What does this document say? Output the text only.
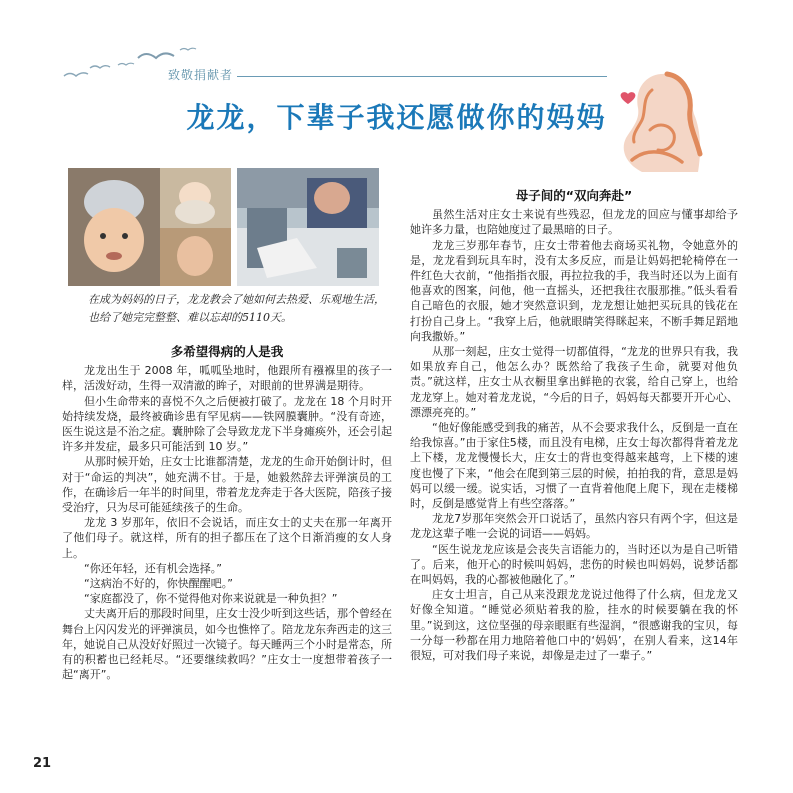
致敬捐献者
龙龙，下辈子我还愿做你的妈妈
在成为妈妈的日子，龙龙教会了她如何去热爱、乐观地生活，也给了她完完整整、难以忘却的5110天。
多希望得病的人是我

龙龙出生于 2008 年，呱呱坠地时，他跟所有襁褓里的孩子一样，活泼好动，生得一双清澈的眸子，对眼前的世界满是期待。

但小生命带来的喜悦不久之后便被打破了。龙龙在 18 个月时开始持续发烧，最终被确诊患有罕见病——铁网膜囊肿。“没有奇迹，医生说这是不治之症。囊肿除了会导致龙龙下半身瘫痪外，还会引起许多并发症，最多只可能活到 10 岁。”

从那时候开始，庄女士比谁都清楚，龙龙的生命开始倒计时，但对于“命运的判决”，她充满不甘。于是，她毅然辞去评弹演员的工作，在确诊后一年半的时间里，带着龙龙奔走于各大医院，陪孩子接受治疗，只为尽可能延续孩子的生命。

龙龙 3 岁那年，依旧不会说话，而庄女士的丈夫在那一年离开了他们母子。就这样，所有的担子都压在了这个日渐消瘦的女人身上。

“你还年轻，还有机会选择。”

“这病治不好的，你快醒醒吧。”

“家庭都没了，你不觉得他对你来说就是一种负担？”

丈夫离开后的那段时间里，庄女士没少听到这些话，那个曾经在舞台上闪闪发光的评弹演员，如今也憔悴了。陪龙龙东奔西走的这三年，她说自己从没好好照过一次镜子。每天睡两三个小时是常态，所有的积蓄也已经耗尽。“还要继续救吗？”庄女士一度想带着孩子一起“离开”。

母子间的“双向奔赴”

虽然生活对庄女士来说有些残忍，但龙龙的回应与懂事却给予她许多力量，也陪她度过了最黑暗的日子。

龙龙三岁那年春节，庄女士带着他去商场买礼物，令她意外的是，龙龙看到玩具车时，没有太多反应，而是让妈妈把轮椅停在一件红色大衣前，“他指指衣服，再拉拉我的手，我当时还以为上面有他喜欢的图案，问他，他一直摇头，还把我往衣服那推。”低头看看自己暗色的衣服，她才突然意识到，龙龙想让她把买玩具的钱花在打扮自己身上。“我穿上后，他就眼睛笑得眯起来，不断手舞足蹈地向我撒娇。”

从那一刻起，庄女士觉得一切都值得，“龙龙的世界只有我，我如果放弃自己，他怎么办？既然给了我孩子生命，就要对他负责。”就这样，庄女士从衣橱里拿出鲜艳的衣裳，给自己穿上，也给龙龙穿上。她对着龙龙说，“今后的日子，妈妈每天都要开开心心、漂漂亮亮的。”

“他好像能感受到我的痛苦，从不会要求我什么，反倒是一直在给我惊喜。”由于家住5楼，而且没有电梯，庄女士每次都得背着龙龙上下楼，龙龙慢慢长大，庄女士的背也变得越来越弯，上下楼的速度也慢了下来，“他会在爬到第三层的时候，拍拍我的背，意思是妈妈可以缓一缓。说实话，习惯了一直背着他爬上爬下，现在走楼梯时，反倒是感觉背上有些空落落。”

龙龙7岁那年突然会开口说话了，虽然内容只有两个字，但这是龙龙这辈子唯一会说的词语——妈妈。

“医生说龙龙应该是会丧失言语能力的，当时还以为是自己听错了。后来，他开心的时候叫妈妈，悲伤的时候也叫妈妈，说梦话都在叫妈妈，我的心都被他融化了。”

庄女士坦言，自己从来没跟龙龙说过他得了什么病，但龙龙又好像全知道。“睡觉必须贴着我的脸，挂水的时候要躺在我的怀里。”说到这，这位坚强的母亲眼眶有些湿润，“很感谢我的宝贝，每一分每一秒都在用力地陪着他口中的‘妈妈’，在别人看来，这14年很短，可对我们母子来说，却像是走过了一辈子。”

21
